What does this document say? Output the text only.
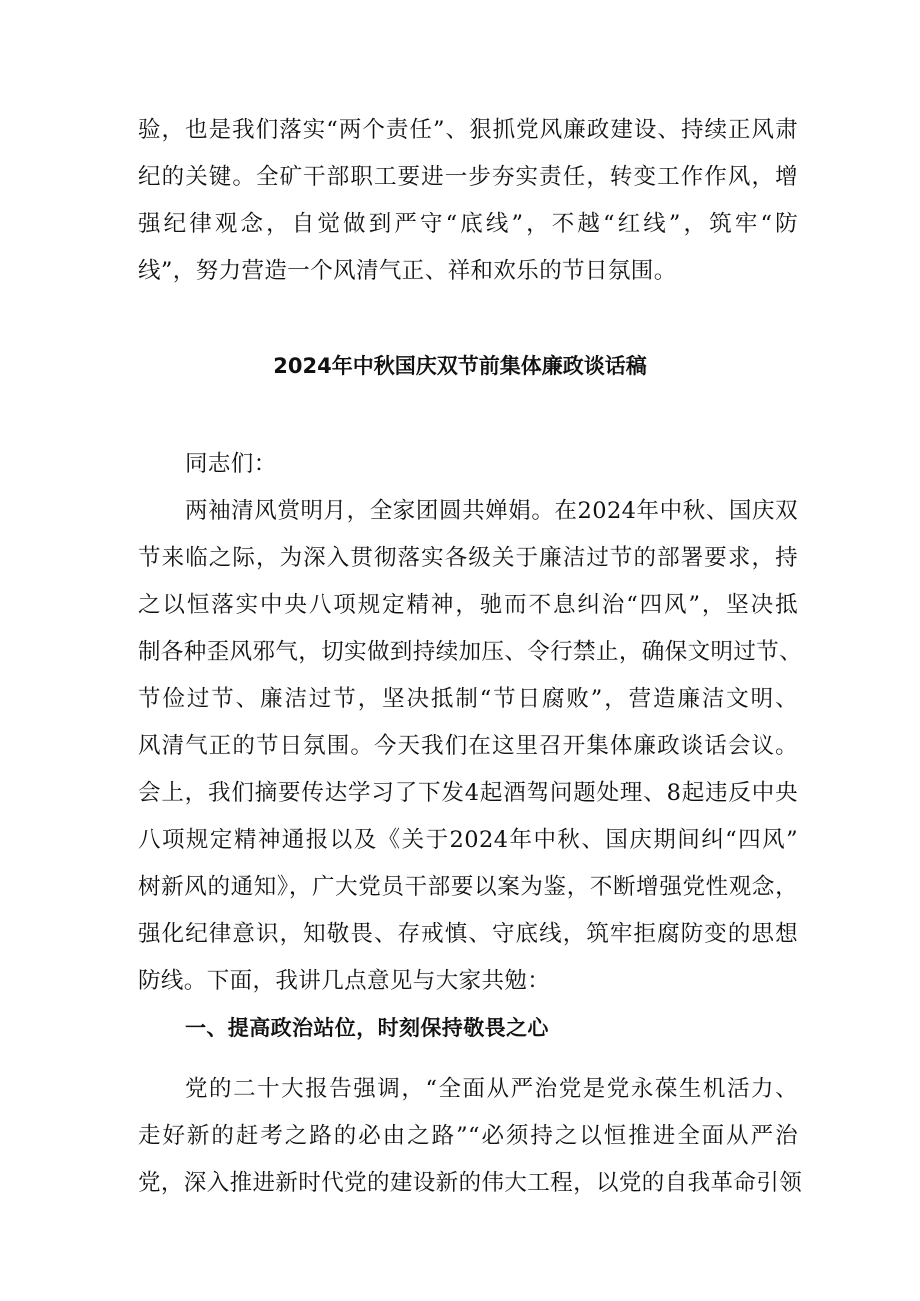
验，也是我们落实“两个责任”、狠抓党风廉政建设、持续正风肃
纪的关键。全矿干部职工要进一步夯实责任，转变工作作风，增
强纪律观念，自觉做到严守“底线”，不越“红线”，筑牢“防
线”，努力营造一个风清气正、祥和欢乐的节日氛围。
2024年中秋国庆双节前集体廉政谈话稿
同志们：
两袖清风赏明月，全家团圆共婵娟。在2024年中秋、国庆双
节来临之际，为深入贯彻落实各级关于廉洁过节的部署要求，持
之以恒落实中央八项规定精神，驰而不息纠治“四风”，坚决抵
制各种歪风邪气，切实做到持续加压、令行禁止，确保文明过节、
节俭过节、廉洁过节，坚决抵制“节日腐败”，营造廉洁文明、
风清气正的节日氛围。今天我们在这里召开集体廉政谈话会议。
会上，我们摘要传达学习了下发4起酒驾问题处理、8起违反中央
八项规定精神通报以及《关于2024年中秋、国庆期间纠“四风”
树新风的通知》，广大党员干部要以案为鉴，不断增强党性观念，
强化纪律意识，知敬畏、存戒慎、守底线，筑牢拒腐防变的思想
防线。下面，我讲几点意见与大家共勉：
一、提高政治站位，时刻保持敬畏之心
党的二十大报告强调，“全面从严治党是党永葆生机活力、
走好新的赶考之路的必由之路”“必须持之以恒推进全面从严治
党，深入推进新时代党的建设新的伟大工程，以党的自我革命引领
